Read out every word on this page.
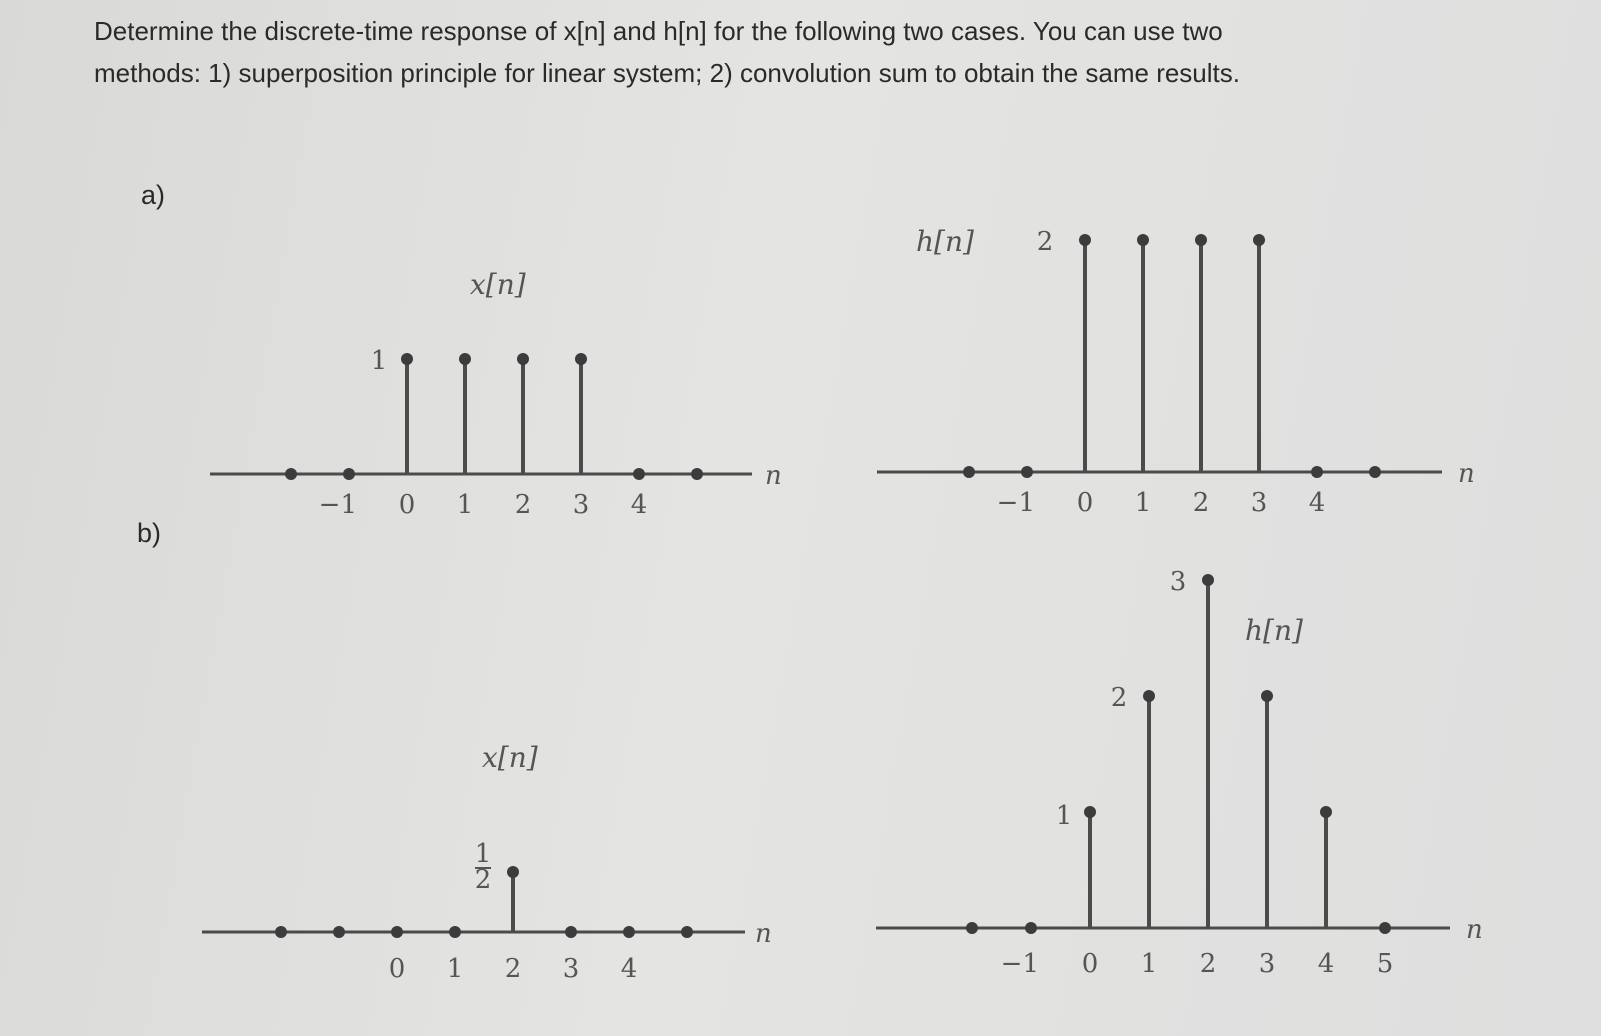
Determine the discrete-time response of x[n] and h[n] for the following two cases. You can use two
methods: 1) superposition principle for linear system; 2) convolution sum to obtain the same results.
a)
b)
n
x[n]
−1 0 1 2 3 4
1
n
h[n]
−1 0 1 2 3 4
2
n
x[n]
0 1 2 3 4
1
2
n
h[n]
−1 0 1 2 3 4 5
1
2
3
